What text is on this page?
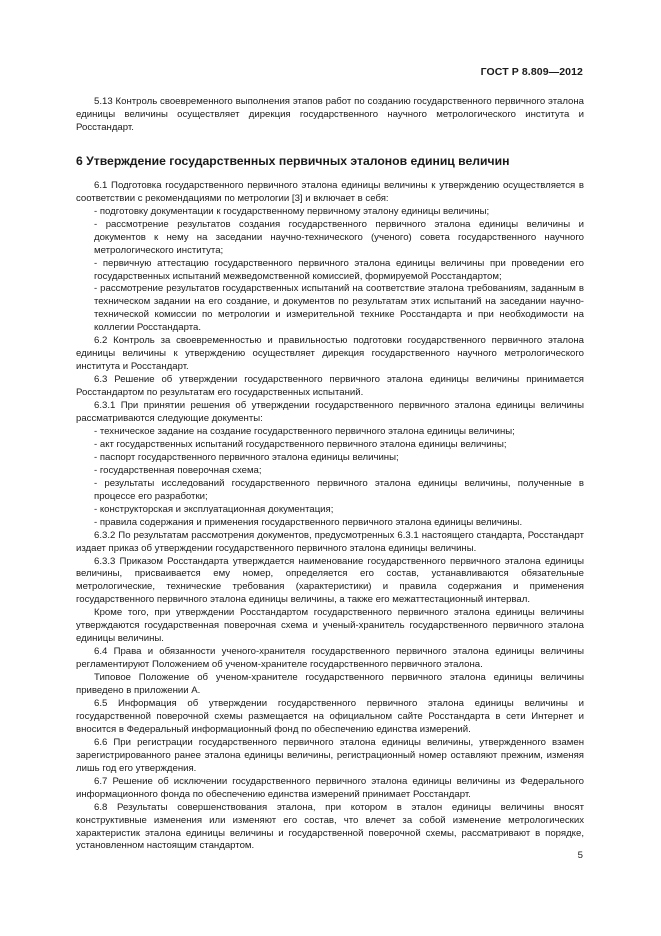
ГОСТ Р 8.809—2012

5.13 Контроль своевременного выполнения этапов работ по созданию государственного первичного эталона единицы величины осуществляет дирекция государственного научного метрологического института и Росстандарт.

6 Утверждение государственных первичных эталонов единиц величин

6.1 Подготовка государственного первичного эталона единицы величины к утверждению осуществляется в соответствии с рекомендациями по метрологии [3] и включает в себя:

- подготовку документации к государственному первичному эталону единицы величины;

- рассмотрение результатов создания государственного первичного эталона единицы величины и документов к нему на заседании научно-технического (ученого) совета государственного научного метрологического института;

- первичную аттестацию государственного первичного эталона единицы величины при проведении его государственных испытаний межведомственной комиссией, формируемой Росстандартом;

- рассмотрение результатов государственных испытаний на соответствие эталона требованиям, заданным в техническом задании на его создание, и документов по результатам этих испытаний на заседании научно-технической комиссии по метрологии и измерительной технике Росстандарта и при необходимости на коллегии Росстандарта.

6.2 Контроль за своевременностью и правильностью подготовки государственного первичного эталона единицы величины к утверждению осуществляет дирекция государственного научного метрологического института и Росстандарт.

6.3 Решение об утверждении государственного первичного эталона единицы величины принимается Росстандартом по результатам его государственных испытаний.

6.3.1 При принятии решения об утверждении государственного первичного эталона единицы величины рассматриваются следующие документы:

- техническое задание на создание государственного первичного эталона единицы величины;

- акт государственных испытаний государственного первичного эталона единицы величины;

- паспорт государственного первичного эталона единицы величины;

- государственная поверочная схема;

- результаты исследований государственного первичного эталона единицы величины, полученные в процессе его разработки;

- конструкторская и эксплуатационная документация;

- правила содержания и применения государственного первичного эталона единицы величины.

6.3.2 По результатам рассмотрения документов, предусмотренных 6.3.1 настоящего стандарта, Росстандарт издает приказ об утверждении государственного первичного эталона единицы величины.

6.3.3 Приказом Росстандарта утверждается наименование государственного первичного эталона единицы величины, присваивается ему номер, определяется его состав, устанавливаются обязательные метрологические, технические требования (характеристики) и правила содержания и применения государственного первичного эталона единицы величины, а также его межаттестационный интервал.

Кроме того, при утверждении Росстандартом государственного первичного эталона единицы величины утверждаются государственная поверочная схема и ученый-хранитель государственного первичного эталона единицы величины.

6.4 Права и обязанности ученого-хранителя государственного первичного эталона единицы величины регламентируют Положением об ученом-хранителе государственного первичного эталона.

Типовое Положение об ученом-хранителе государственного первичного эталона единицы величины приведено в приложении А.

6.5 Информация об утверждении государственного первичного эталона единицы величины и государственной поверочной схемы размещается на официальном сайте Росстандарта в сети Интернет и вносится в Федеральный информационный фонд по обеспечению единства измерений.

6.6 При регистрации государственного первичного эталона единицы величины, утвержденного взамен зарегистрированного ранее эталона единицы величины, регистрационный номер оставляют прежним, изменяя лишь год его утверждения.

6.7 Решение об исключении государственного первичного эталона единицы величины из Федерального информационного фонда по обеспечению единства измерений принимает Росстандарт.

6.8 Результаты совершенствования эталона, при котором в эталон единицы величины вносят конструктивные изменения или изменяют его состав, что влечет за собой изменение метрологических характеристик эталона единицы величины и государственной поверочной схемы, рассматривают в порядке, установленном настоящим стандартом.

5
